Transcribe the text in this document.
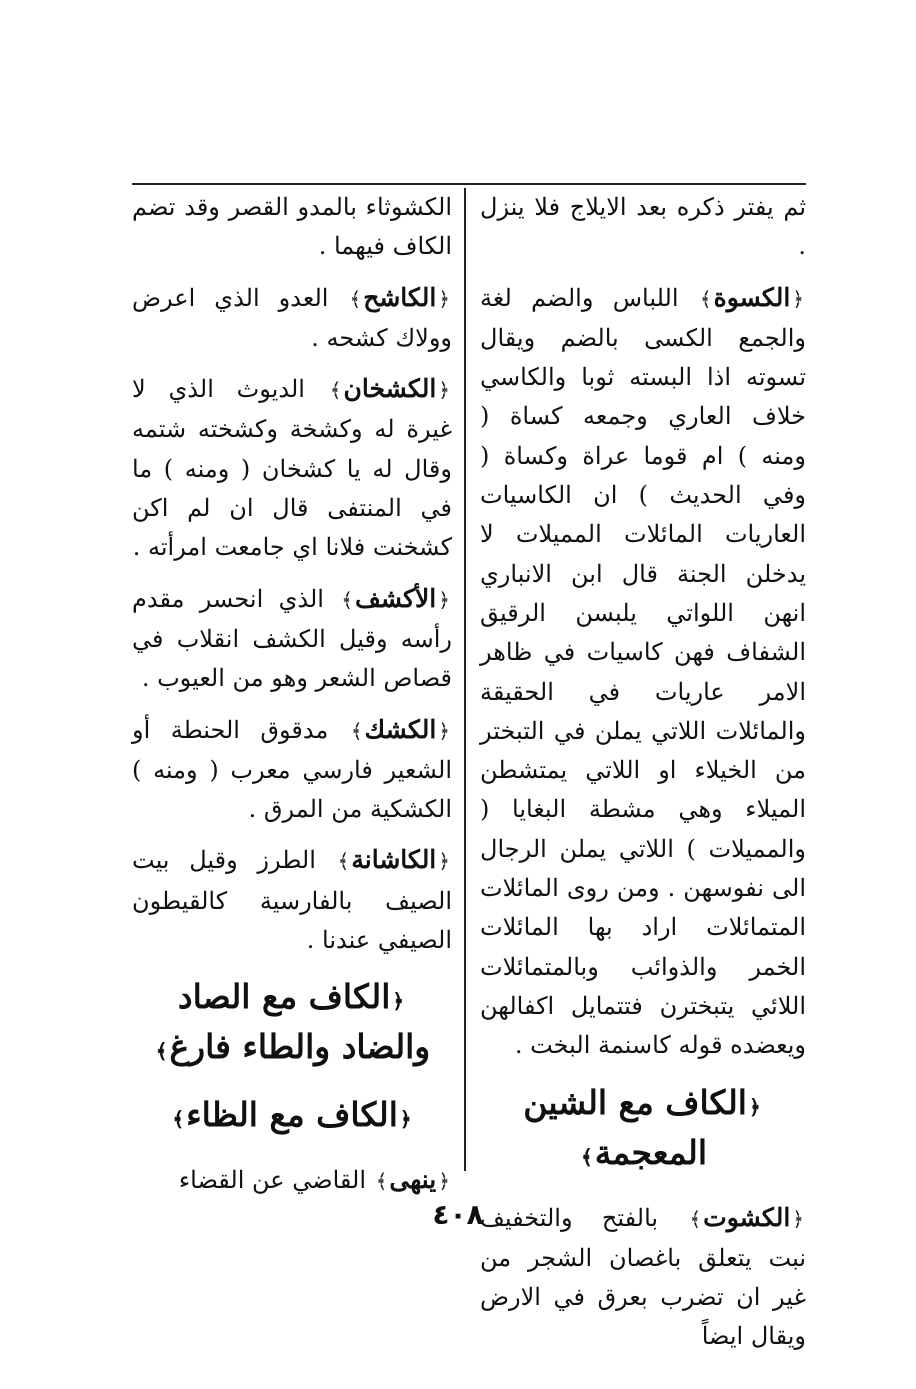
ثم يفتر ذكره بعد الايلاج فلا ينزل .

﴿الكسوة﴾ اللباس والضم لغة والجمع الكسى بالضم ويقال تسوته اذا البسته ثوبا والكاسي خلاف العاري وجمعه كساة ( ومنه ) ام قوما عراة وكساة ( وفي الحديث ) ان الكاسيات العاريات المائلات المميلات لا يدخلن الجنة قال ابن الانباري انهن اللواتي يلبسن الرقيق الشفاف فهن كاسيات في ظاهر الامر عاريات في الحقيقة والمائلات اللاتي يملن في التبختر من الخيلاء او اللاتي يمتشطن الميلاء وهي مشطة البغايا ( والمميلات ) اللاتي يملن الرجال الى نفوسهن . ومن روى المائلات المتمائلات اراد بها المائلات الخمر والذوائب وبالمتمائلات اللائي يتبخترن فتتمايل اكفالهن ويعضده قوله كاسنمة البخت .

﴿الكاف مع الشين المعجمة﴾

﴿الكشوت﴾ بالفتح والتخفيف نبت يتعلق باغصان الشجر من غير ان تضرب بعرق في الارض ويقال ايضاً

الكشوثاء بالمدو القصر وقد تضم الكاف فيهما .

﴿الكاشح﴾ العدو الذي اعرض وولاك كشحه .

﴿الكشخان﴾ الديوث الذي لا غيرة له وكشخة وكشخته شتمه وقال له يا كشخان ( ومنه ) ما في المنتفى قال ان لم اكن كشخنت فلانا اي جامعت امرأته .

﴿الأكشف﴾ الذي انحسر مقدم رأسه وقيل الكشف انقلاب في قصاص الشعر وهو من العيوب .

﴿الكشك﴾ مدقوق الحنطة أو الشعير فارسي معرب ( ومنه ) الكشكية من المرق .

﴿الكاشانة﴾ الطرز وقيل بيت الصيف بالفارسية كالقيطون الصيفي عندنا .

﴿الكاف مع الصاد والضاد والطاء فارغ﴾
﴿الكاف مع الظاء﴾

﴿ينهى﴾ القاضي عن القضاء

٤٠٨
